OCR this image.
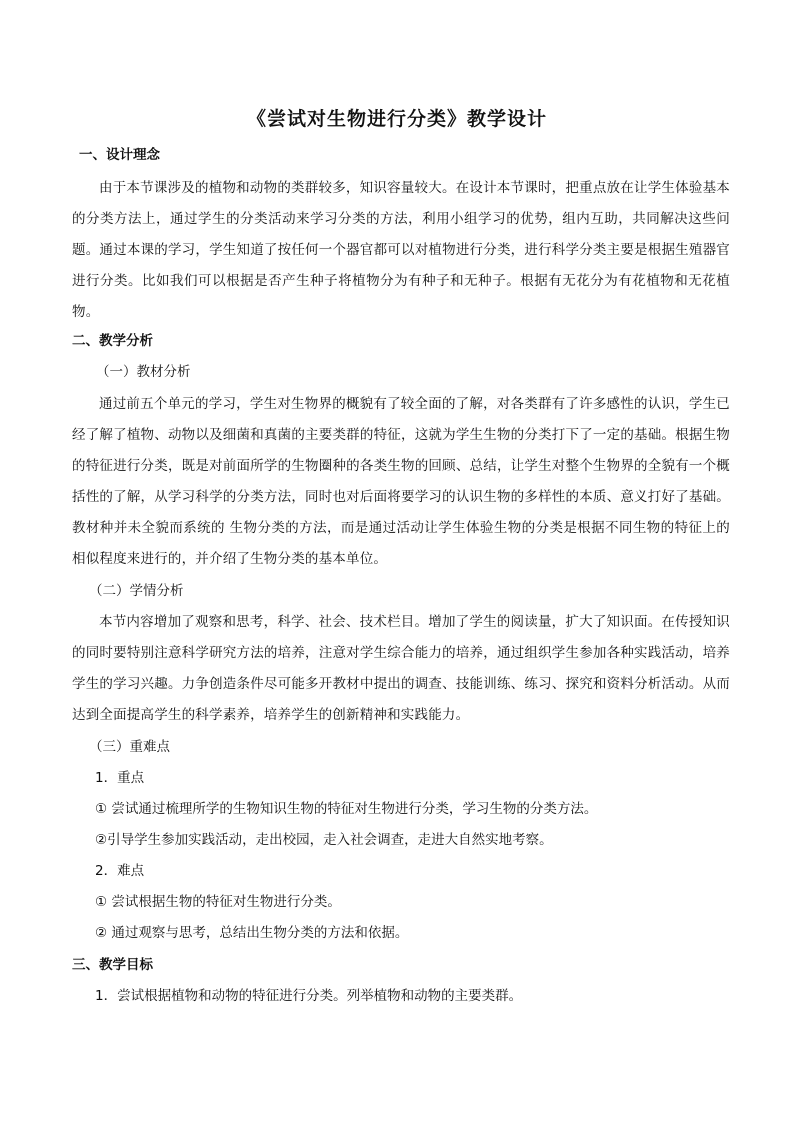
《尝试对生物进行分类》教学设计
一、设计理念
由于本节课涉及的植物和动物的类群较多，知识容量较大。在设计本节课时，把重点放在让学生体验基本的分类方法上，通过学生的分类活动来学习分类的方法，利用小组学习的优势，组内互助，共同解决这些问题。通过本课的学习，学生知道了按任何一个器官都可以对植物进行分类，进行科学分类主要是根据生殖器官进行分类。比如我们可以根据是否产生种子将植物分为有种子和无种子。根据有无花分为有花植物和无花植物。
二、教学分析
（一）教材分析
通过前五个单元的学习，学生对生物界的概貌有了较全面的了解，对各类群有了许多感性的认识，学生已经了解了植物、动物以及细菌和真菌的主要类群的特征，这就为学生生物的分类打下了一定的基础。根据生物的特征进行分类，既是对前面所学的生物圈种的各类生物的回顾、总结，让学生对整个生物界的全貌有一个概括性的了解，从学习科学的分类方法，同时也对后面将要学习的认识生物的多样性的本质、意义打好了基础。教材种并未全貌而系统的 生物分类的方法，而是通过活动让学生体验生物的分类是根据不同生物的特征上的相似程度来进行的，并介绍了生物分类的基本单位。
（二）学情分析
本节内容增加了观察和思考，科学、社会、技术栏目。增加了学生的阅读量，扩大了知识面。在传授知识的同时要特别注意科学研究方法的培养，注意对学生综合能力的培养，通过组织学生参加各种实践活动，培养学生的学习兴趣。力争创造条件尽可能多开教材中提出的调查、技能训练、练习、探究和资料分析活动。从而达到全面提高学生的科学素养，培养学生的创新精神和实践能力。
（三）重难点
1．重点
① 尝试通过梳理所学的生物知识生物的特征对生物进行分类，学习生物的分类方法。
②引导学生参加实践活动，走出校园，走入社会调查，走进大自然实地考察。
2．难点
① 尝试根据生物的特征对生物进行分类。
② 通过观察与思考，总结出生物分类的方法和依据。
三、教学目标
1．尝试根据植物和动物的特征进行分类。列举植物和动物的主要类群。
